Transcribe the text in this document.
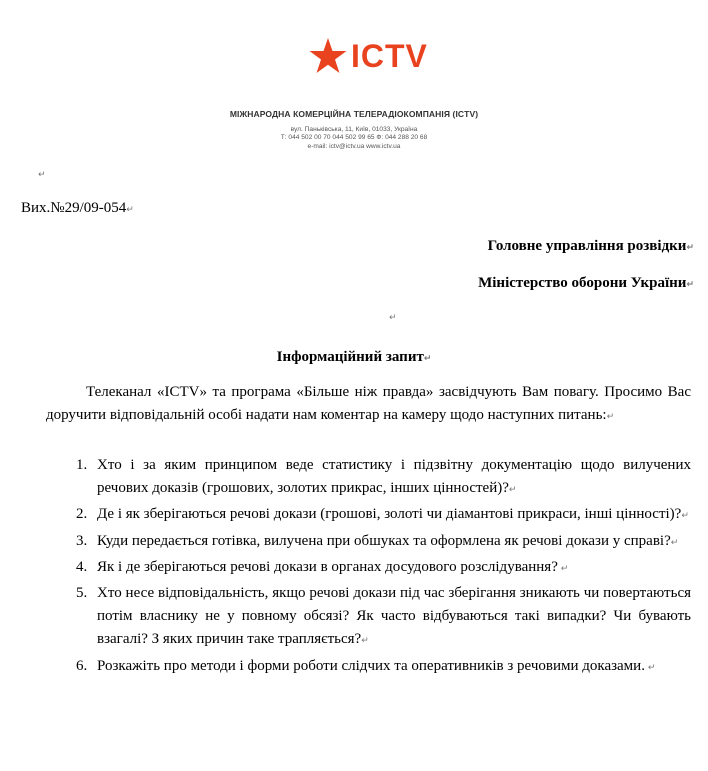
ICTV
МІЖНАРОДНА КОМЕРЦІЙНА ТЕЛЕРАДІОКОМПАНІЯ (ICTV)
вул. Паньківська, 11, Київ, 01033, Україна
Т: 044 502 00 70 044 502 99 65 Ф: 044 288 20 68
e-mail: ictv@ictv.ua www.ictv.ua
↵
Вих.№29/09-054↵
Головне управління розвідки↵
Міністерство оборони України↵
↵
Інформаційний запит↵
Телеканал «ICTV» та програма «Більше ніж правда» засвідчують Вам повагу. Просимо Вас доручити відповідальній особі надати нам коментар на камеру щодо наступних питань:↵
1. Хто і за яким принципом веде статистику і підзвітну документацію щодо вилучених речових доказів (грошових, золотих прикрас, інших цінностей)?↵
2. Де і як зберігаються речові докази (грошові, золоті чи діамантові прикраси, інші цінності)?↵
3. Куди передається готівка, вилучена при обшуках та оформлена як речові докази у справі?↵
4. Як і де зберігаються речові докази в органах досудового розслідування? ↵
5. Хто несе відповідальність, якщо речові докази під час зберігання зникають чи повертаються потім власнику не у повному обсязі? Як часто відбуваються такі випадки? Чи бувають взагалі? З яких причин таке трапляється?↵
6. Розкажіть про методи і форми роботи слідчих та оперативників з речовими доказами. ↵
